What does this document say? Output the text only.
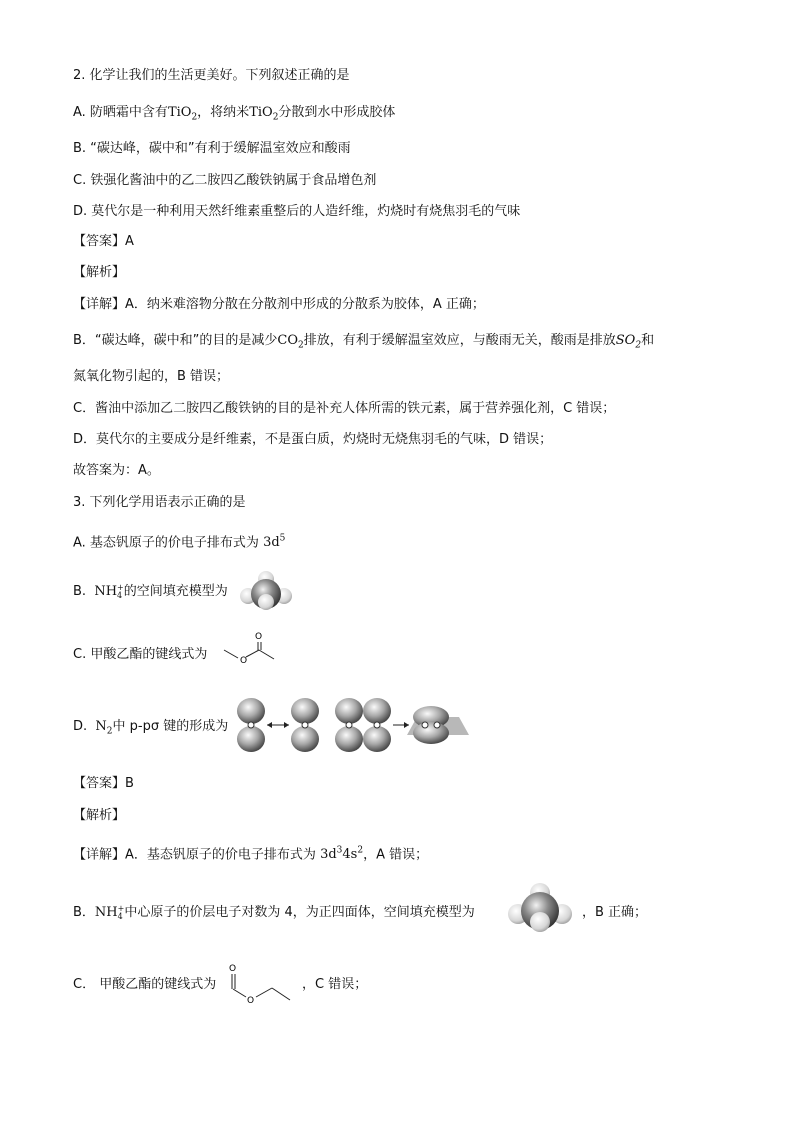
2. 化学让我们的生活更美好。下列叙述正确的是
A. 防晒霜中含有TiO$_2$，将纳米TiO$_2$分散到水中形成胶体
B. “碳达峰，碳中和”有利于缓解温室效应和酸雨
C. 铁强化酱油中的乙二胺四乙酸铁钠属于食品增色剂
D. 莫代尔是一种利用天然纤维素重整后的人造纤维，灼烧时有烧焦羽毛的气味
【答案】A
【解析】
【详解】A．纳米难溶物分散在分散剂中形成的分散系为胶体，A 正确；
B．“碳达峰，碳中和”的目的是减少$CO_2$排放，有利于缓解温室效应，与酸雨无关，酸雨是排放$SO_2$和
氮氧化物引起的，B 错误；
C．酱油中添加乙二胺四乙酸铁钠的目的是补充人体所需的铁元素，属于营养强化剂，C 错误；
D．莫代尔的主要成分是纤维素，不是蛋白质，灼烧时无烧焦羽毛的气味，D 错误；
故答案为：A。
3. 下列化学用语表示正确的是
A. 基态钒原子的价电子排布式为 $3d^5$
B. NH +
4 的空间填充模型为
C. 甲酸乙酯的键线式为
O
O
D. $N_2$中 p-pσ 键的形成为
【答案】B
【解析】
【详解】A．基态钒原子的价电子排布式为 $3d^34s^2$，A 错误；
B．NH +
4 中心原子的价层电子对数为 4，为正四面体，空间填充模型为	，B 正确；
C． 甲酸乙酯的键线式为
O
O
，C 错误；
